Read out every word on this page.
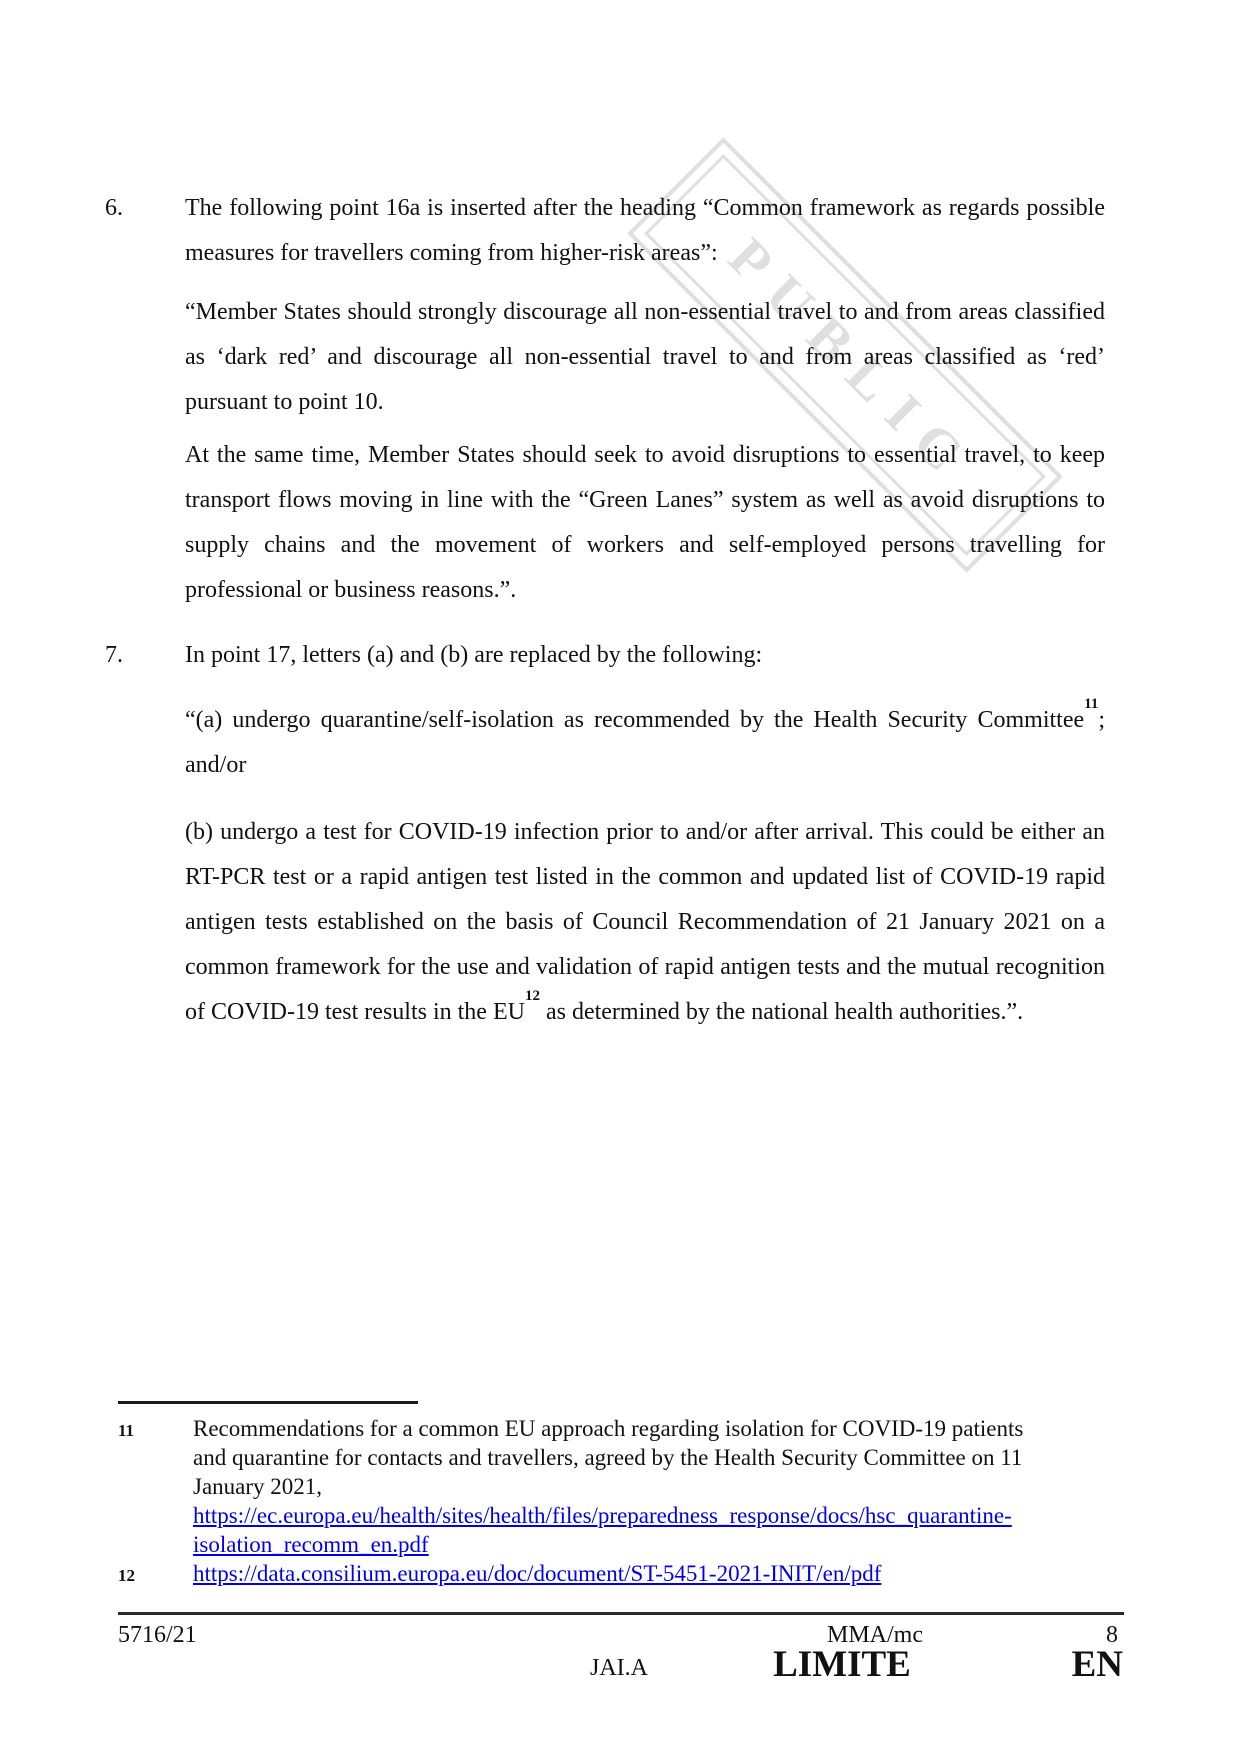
PUBLIC
6.	The following point 16a is inserted after the heading “Common framework as regards possible measures for travellers coming from higher-risk areas”:

“Member States should strongly discourage all non-essential travel to and from areas classified as ‘dark red’ and discourage all non-essential travel to and from areas classified as ‘red’ pursuant to point 10.

At the same time, Member States should seek to avoid disruptions to essential travel, to keep transport flows moving in line with the “Green Lanes” system as well as avoid disruptions to supply chains and the movement of workers and self-employed persons travelling for professional or business reasons.”.

7.	In point 17, letters (a) and (b) are replaced by the following:

“(a) undergo quarantine/self-isolation as recommended by the Health Security Committee$^{11}$; and/or

(b) undergo a test for COVID-19 infection prior to and/or after arrival. This could be either an RT-PCR test or a rapid antigen test listed in the common and updated list of COVID-19 rapid antigen tests established on the basis of Council Recommendation of 21 January 2021 on a common framework for the use and validation of rapid antigen tests and the mutual recognition of COVID-19 test results in the EU$^{12}$ as determined by the national health authorities.”.

11	Recommendations for a common EU approach regarding isolation for COVID-19 patients
and quarantine for contacts and travellers, agreed by the Health Security Committee on 11
January 2021,
https://ec.europa.eu/health/sites/health/files/preparedness_response/docs/hsc_quarantine-isolation_recomm_en.pdf
12	https://data.consilium.europa.eu/doc/document/ST-5451-2021-INIT/en/pdf
5716/21	MMA/mc	8
JAI.A	LIMITE	EN
